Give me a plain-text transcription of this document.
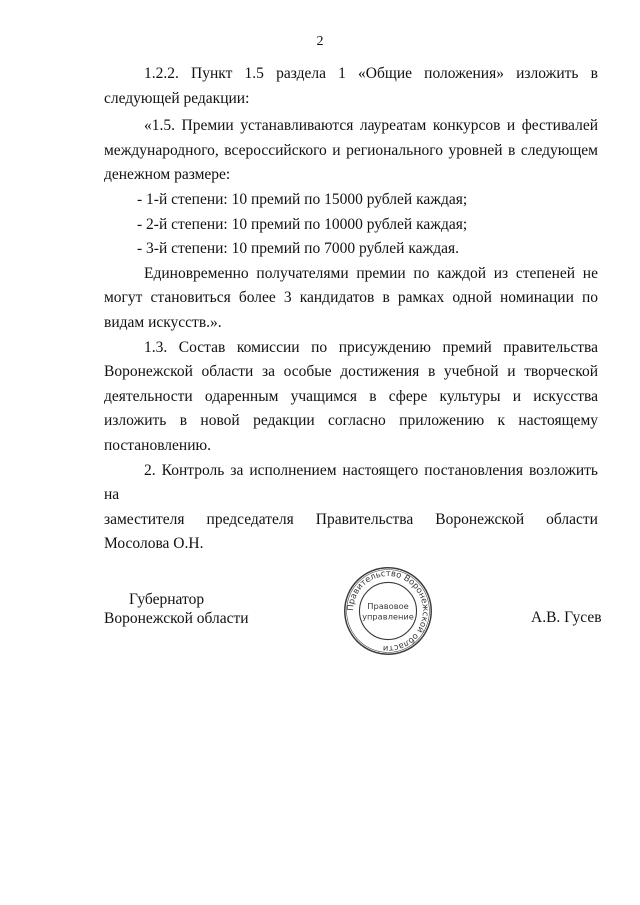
2

1.2.2. Пункт 1.5 раздела 1 «Общие положения» изложить в следующей редакции:

«1.5. Премии устанавливаются лауреатам конкурсов и фестивалей международного, всероссийского и регионального уровней в следующем денежном размере:

- 1-й степени: 10 премий по 15000 рублей каждая;

- 2-й степени: 10 премий по 10000 рублей каждая;

- 3-й степени: 10 премий по 7000 рублей каждая.

Единовременно получателями премии по каждой из степеней не могут становиться более 3 кандидатов в рамках одной номинации по видам искусств.».

1.3. Состав комиссии по присуждению премий правительства Воронежской области за особые достижения в учебной и творческой деятельности одаренным учащимся в сфере культуры и искусства изложить в новой редакции согласно приложению к настоящему постановлению.

2. Контроль за исполнением настоящего постановления возложить на

заместителя председателя Правительства Воронежской области
Мосолова О.Н.
Губернатор
Воронежской области
Правительство Воронежской области
Правовое
управление	А.В. Гусев
